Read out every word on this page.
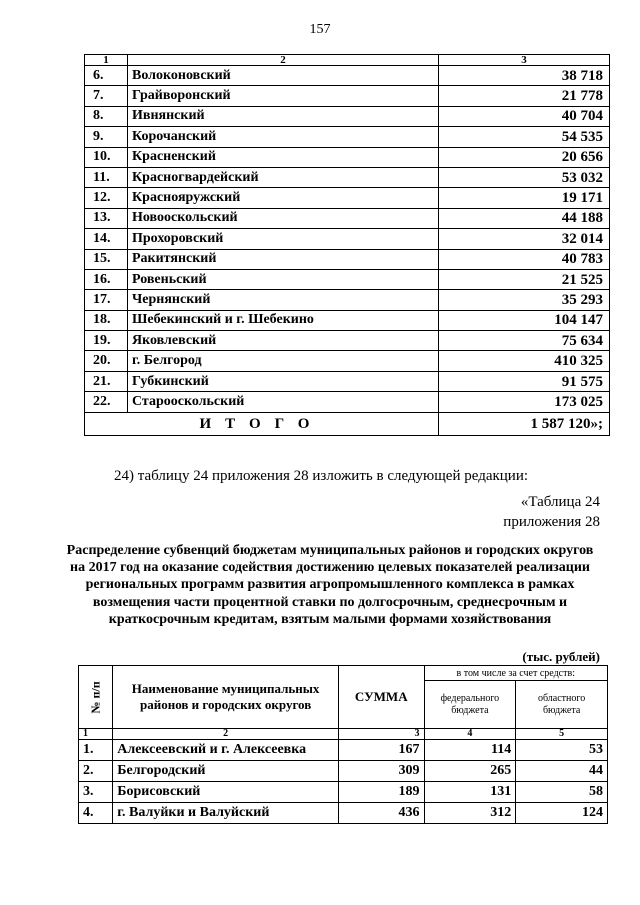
157
1	2	3
6.	Волоконовский	38 718
7.	Грайворонский	21 778
8.	Ивнянский	40 704
9.	Корочанский	54 535
10.	Красненский	20 656
11.	Красногвардейский	53 032
12.	Краснояружский	19 171
13.	Новооскольский	44 188
14.	Прохоровский	32 014
15.	Ракитянский	40 783
16.	Ровеньский	21 525
17.	Чернянский	35 293
18.	Шебекинский и г. Шебекино	104 147
19.	Яковлевский	75 634
20.	г. Белгород	410 325
21.	Губкинский	91 575
22.	Старооскольский	173 025
ИТОГО		1 587 120»;
24) таблицу 24 приложения 28 изложить в следующей редакции:
«Таблица 24
приложения 28
Распределение субвенций бюджетам муниципальных районов и городских округов на 2017 год на оказание содействия достижению целевых показателей реализации региональных программ развития агропромышленного комплекса в рамках возмещения части процентной ставки по долгосрочным, среднесрочным и краткосрочным кредитам, взятым малыми формами хозяйствования
(тыс. рублей)
№ п/п	Наименование муниципальных районов и городских округов	СУММА	в том числе за счет средств:	
			федерального бюджета	областного бюджета
1	2	3	4	5
1.	Алексеевский и г. Алексеевка	167	114	53
2.	Белгородский	309	265	44
3.	Борисовский	189	131	58
4.	г. Валуйки и Валуйский	436	312	124
